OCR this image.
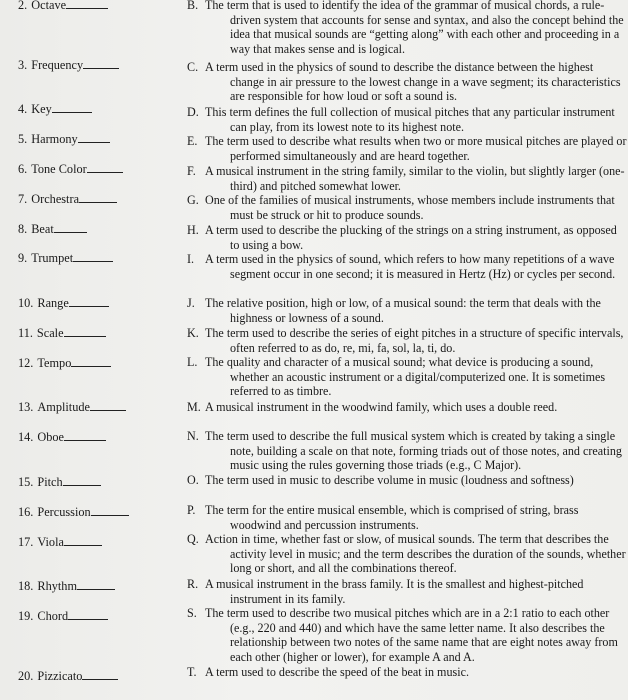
2. Octave
3. Frequency
4. Key
5. Harmony
6. Tone Color
7. Orchestra
8. Beat
9. Trumpet
10. Range
11. Scale
12. Tempo
13. Amplitude
14. Oboe
15. Pitch
16. Percussion
17. Viola
18. Rhythm
19. Chord
20. Pizzicato
B. The term that is used to identify the idea of the grammar of musical chords, a rule-driven system that accounts for sense and syntax, and also the concept behind the idea that musical sounds are “getting along” with each other and proceeding in a way that makes sense and is logical.
C. A term used in the physics of sound to describe the distance between the highest change in air pressure to the lowest change in a wave segment; its characteristics are responsible for how loud or soft a sound is.
D. This term defines the full collection of musical pitches that any particular instrument can play, from its lowest note to its highest note.
E. The term used to describe what results when two or more musical pitches are played or performed simultaneously and are heard together.
F. A musical instrument in the string family, similar to the violin, but slightly larger (one-third) and pitched somewhat lower.
G. One of the families of musical instruments, whose members include instruments that must be struck or hit to produce sounds.
H. A term used to describe the plucking of the strings on a string instrument, as opposed to using a bow.
I. A term used in the physics of sound, which refers to how many repetitions of a wave segment occur in one second; it is measured in Hertz (Hz) or cycles per second.
J. The relative position, high or low, of a musical sound: the term that deals with the highness or lowness of a sound.
K. The term used to describe the series of eight pitches in a structure of specific intervals, often referred to as do, re, mi, fa, sol, la, ti, do.
L. The quality and character of a musical sound; what device is producing a sound, whether an acoustic instrument or a digital/computerized one. It is sometimes referred to as timbre.
M. A musical instrument in the woodwind family, which uses a double reed.
N. The term used to describe the full musical system which is created by taking a single note, building a scale on that note, forming triads out of those notes, and creating music using the rules governing those triads (e.g., C Major).
O. The term used in music to describe volume in music (loudness and softness)
P. The term for the entire musical ensemble, which is comprised of string, brass woodwind and percussion instruments.
Q. Action in time, whether fast or slow, of musical sounds. The term that describes the activity level in music; and the term describes the duration of the sounds, whether long or short, and all the combinations thereof.
R. A musical instrument in the brass family. It is the smallest and highest-pitched instrument in its family.
S. The term used to describe two musical pitches which are in a 2:1 ratio to each other (e.g., 220 and 440) and which have the same letter name. It also describes the relationship between two notes of the same name that are eight notes away from each other (higher or lower), for example A and A.
T. A term used to describe the speed of the beat in music.
